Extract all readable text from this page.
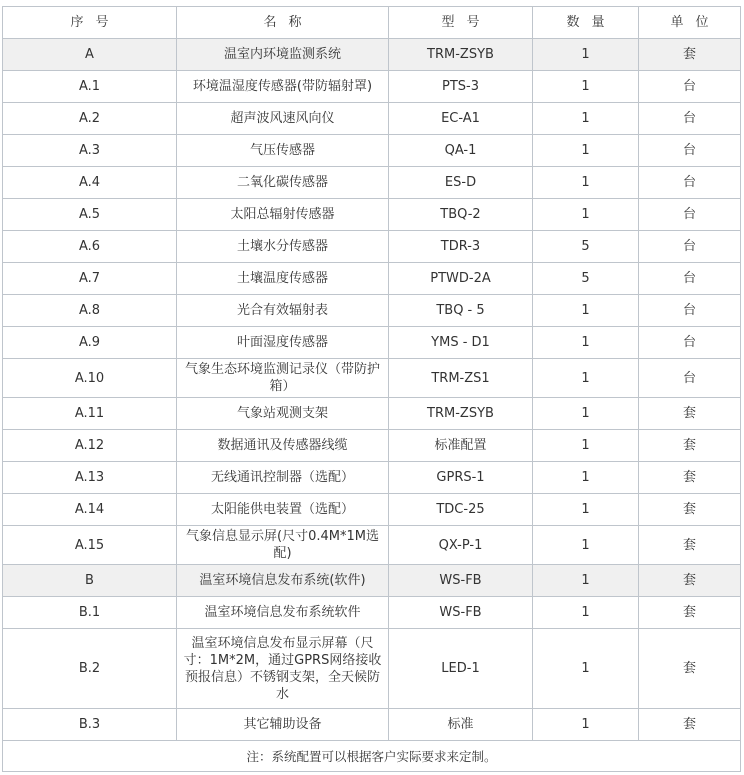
序号	名称	型号	数量	单位
A	温室内环境监测系统	TRM-ZSYB	1	套
A.1	环境温湿度传感器(带防辐射罩)	PTS-3	1	台
A.2	超声波风速风向仪	EC-A1	1	台
A.3	气压传感器	QA-1	1	台
A.4	二氧化碳传感器	ES-D	1	台
A.5	太阳总辐射传感器	TBQ-2	1	台
A.6	土壤水分传感器	TDR-3	5	台
A.7	土壤温度传感器	PTWD-2A	5	台
A.8	光合有效辐射表	TBQ - 5	1	台
A.9	叶面湿度传感器	YMS - D1	1	台
A.10	气象生态环境监测记录仪（带防护箱）	TRM-ZS1	1	台
A.11	气象站观测支架	TRM-ZSYB	1	套
A.12	数据通讯及传感器线缆	标准配置	1	套
A.13	无线通讯控制器（选配）	GPRS-1	1	套
A.14	太阳能供电装置（选配）	TDC-25	1	套
A.15	气象信息显示屏(尺寸0.4M*1M选配)	QX-P-1	1	套
B	温室环境信息发布系统(软件)	WS-FB	1	套
B.1	温室环境信息发布系统软件	WS-FB	1	套
B.2	温室环境信息发布显示屏幕（尺寸：1M*2M，通过GPRS网络接收预报信息）不锈钢支架，全天候防水	LED-1	1	套
B.3	其它辅助设备	标准	1	套
注：系统配置可以根据客户实际要求来定制。				
